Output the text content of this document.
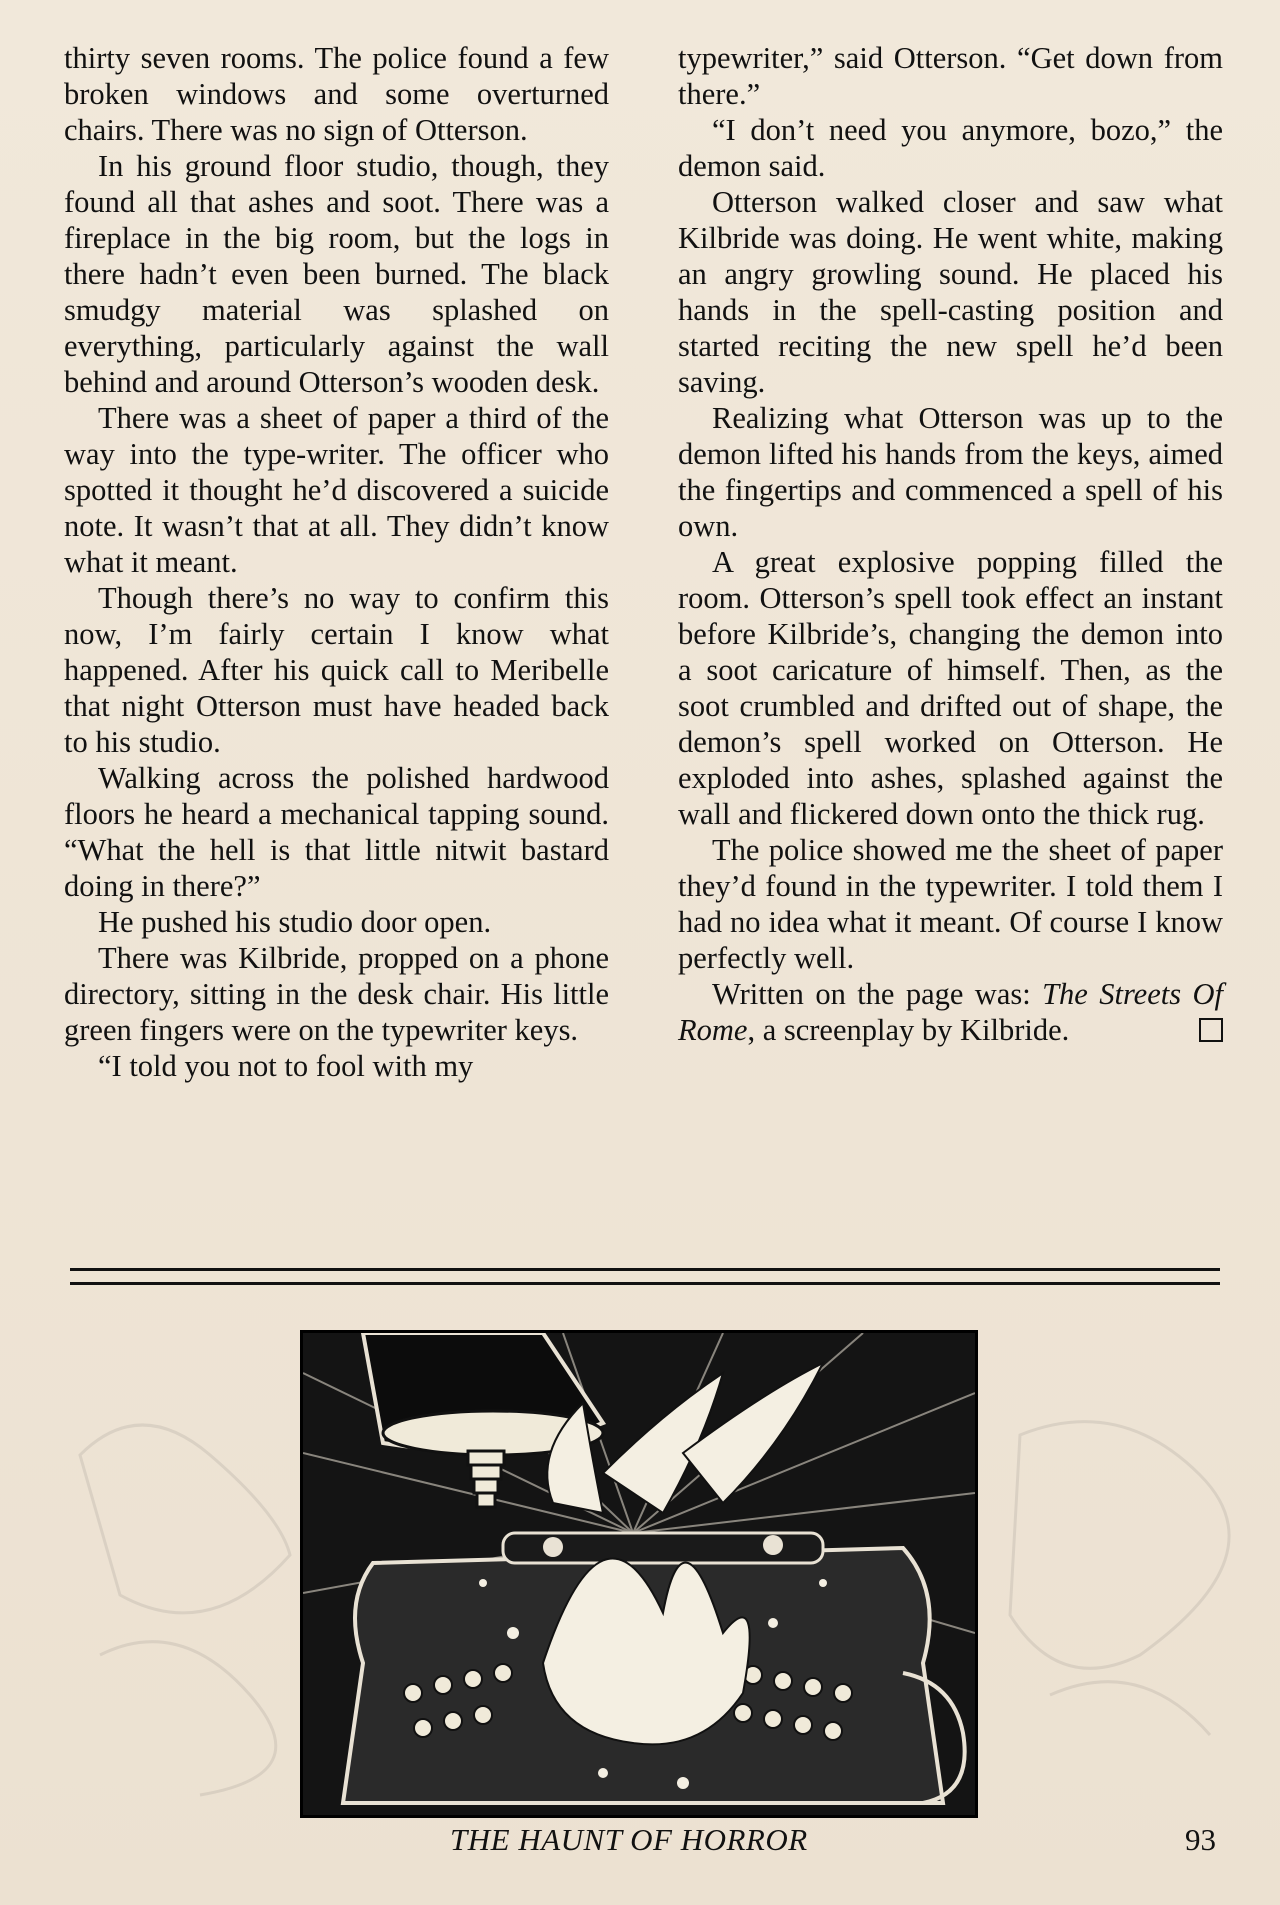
thirty seven rooms. The police found a few broken windows and some overturned chairs. There was no sign of Otterson.

In his ground floor studio, though, they found all that ashes and soot. There was a fireplace in the big room, but the logs in there hadn’t even been burned. The black smudgy material was splashed on everything, particularly against the wall behind and around Otterson’s wooden desk.

There was a sheet of paper a third of the way into the type-writer. The officer who spotted it thought he’d discovered a suicide note. It wasn’t that at all. They didn’t know what it meant.

Though there’s no way to confirm this now, I’m fairly certain I know what happened. After his quick call to Meribelle that night Otterson must have headed back to his studio.

Walking across the polished hardwood floors he heard a mechanical tapping sound. “What the hell is that little nitwit bastard doing in there?”

He pushed his studio door open.

There was Kilbride, propped on a phone directory, sitting in the desk chair. His little green fingers were on the typewriter keys.

“I told you not to fool with my

typewriter,” said Otterson. “Get down from there.”

“I don’t need you anymore, bozo,” the demon said.

Otterson walked closer and saw what Kilbride was doing. He went white, making an angry growling sound. He placed his hands in the spell-casting position and started reciting the new spell he’d been saving.

Realizing what Otterson was up to the demon lifted his hands from the keys, aimed the fingertips and commenced a spell of his own.

A great explosive popping filled the room. Otterson’s spell took effect an instant before Kilbride’s, changing the demon into a soot caricature of himself. Then, as the soot crumbled and drifted out of shape, the demon’s spell worked on Otterson. He exploded into ashes, splashed against the wall and flickered down onto the thick rug.

The police showed me the sheet of paper they’d found in the typewriter. I told them I had no idea what it meant. Of course I know perfectly well.

Written on the page was: The Streets Of Rome, a screenplay by Kilbride.

THE HAUNT OF HORROR	93
